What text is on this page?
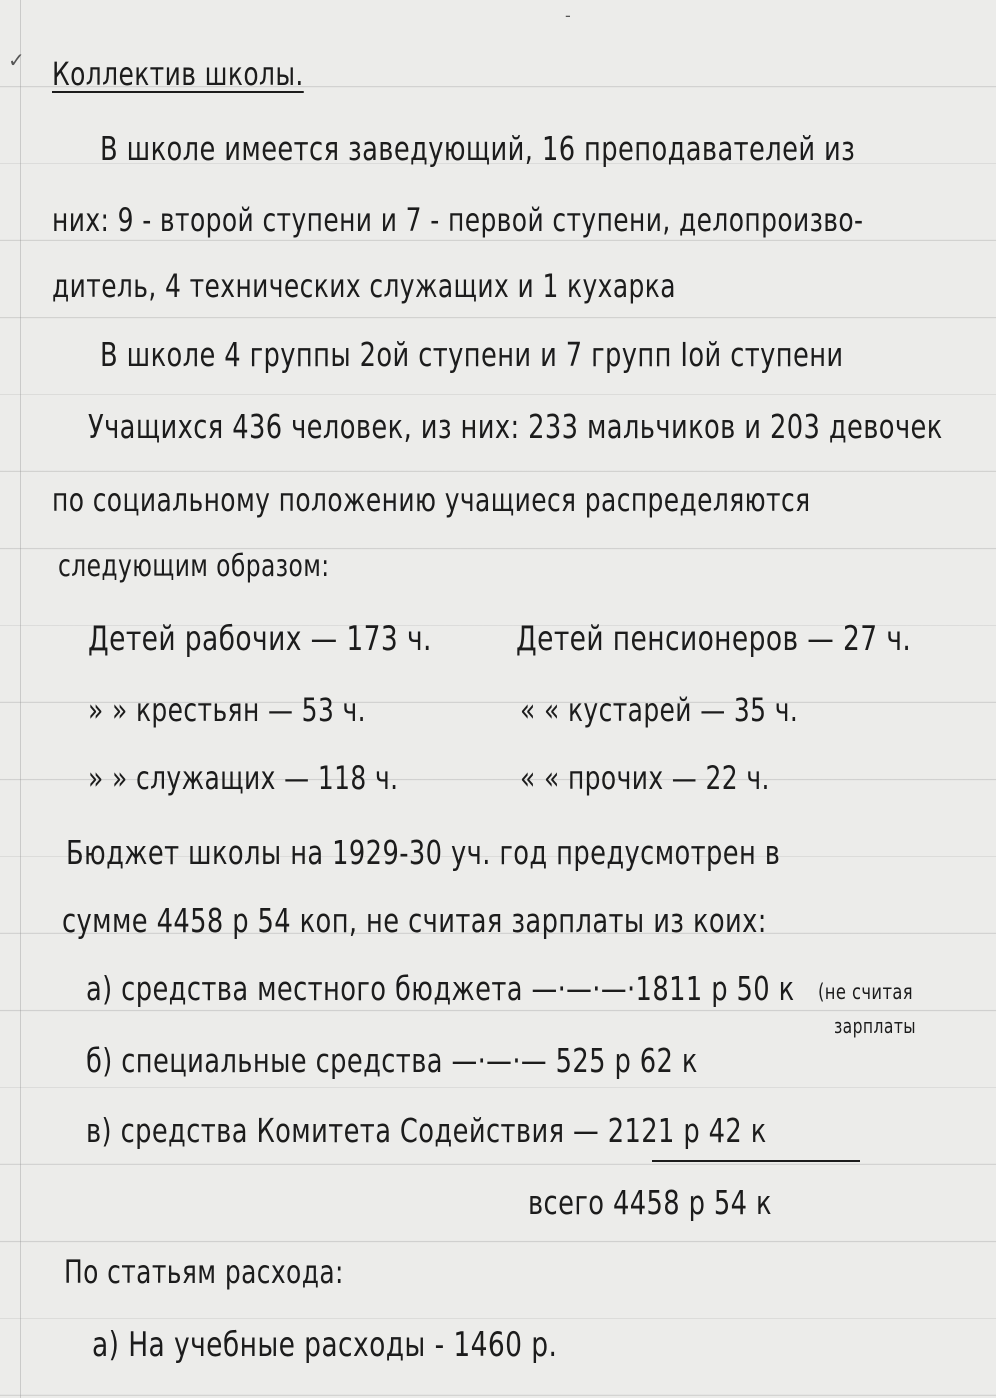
✓
-
Коллектив школы.
В школе имеется заведующий, 16 преподавателей из
них: 9 - второй ступени и 7 - первой ступени, делопроизво-
дитель, 4 технических служащих и 1 кухарка
В школе 4 группы 2ой ступени и 7 групп Iой ступени
Учащихся 436 человек, из них: 233 мальчиков и 203 девочек
по социальному положению учащиеся распределяются
следующим образом:
Детей рабочих — 173 ч.
» » крестьян — 53 ч.
» » служащих — 118 ч.
Детей пенсионеров — 27 ч.
« « кустарей — 35 ч.
« « прочих — 22 ч.
Бюджет школы на 1929-30 уч. год предусмотрен в
сумме 4458 р 54 коп, не считая зарплаты из коих:
а) средства местного бюджета —·—·—·1811 р 50 к (не считая
зарплаты
б) специальные средства —·—·— 525 р 62 к
в) средства Комитета Содействия — 2121 р 42 к
всего 4458 р 54 к
По статьям расхода:
а) На учебные расходы - 1460 р.
